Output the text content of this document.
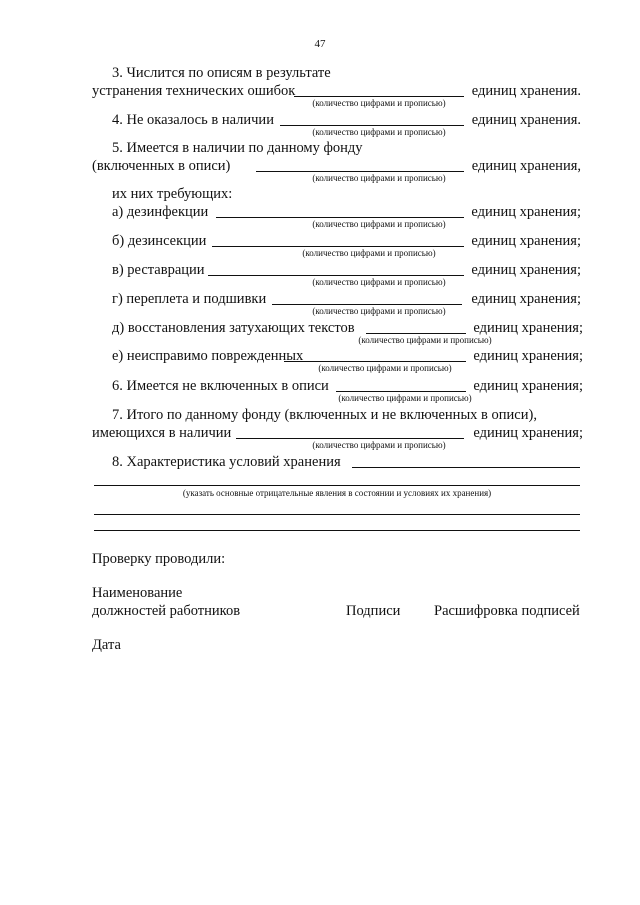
47
3. Числится по описям в результате
устранения технических ошибок	единиц хранения.
(количество цифрами и прописью)
4. Не оказалось в наличии	единиц хранения.
(количество цифрами и прописью)
5. Имеется в наличии по данному фонду
(включенных в описи)	единиц хранения,
(количество цифрами и прописью)
их них требующих:
а) дезинфекции	единиц хранения;
(количество цифрами и прописью)
б) дезинсекции	единиц хранения;
(количество цифрами и прописью)
в) реставрации	единиц хранения;
(количество цифрами и прописью)
г) переплета и подшивки	единиц хранения;
(количество цифрами и прописью)
д) восстановления затухающих текстов	единиц хранения;
(количество цифрами и прописью)
е) неисправимо поврежденных	единиц хранения;
(количество цифрами и прописью)
6. Имеется не включенных в описи	единиц хранения;
(количество цифрами и прописью)
7. Итого по данному фонду (включенных и не включенных в описи),
имеющихся в наличии	единиц хранения;
(количество цифрами и прописью)
8. Характеристика условий хранения
(указать основные отрицательные явления в состоянии и условиях их хранения)
Проверку проводили:
Наименование
должностей работников	Подписи Расшифровка подписей
Дата
